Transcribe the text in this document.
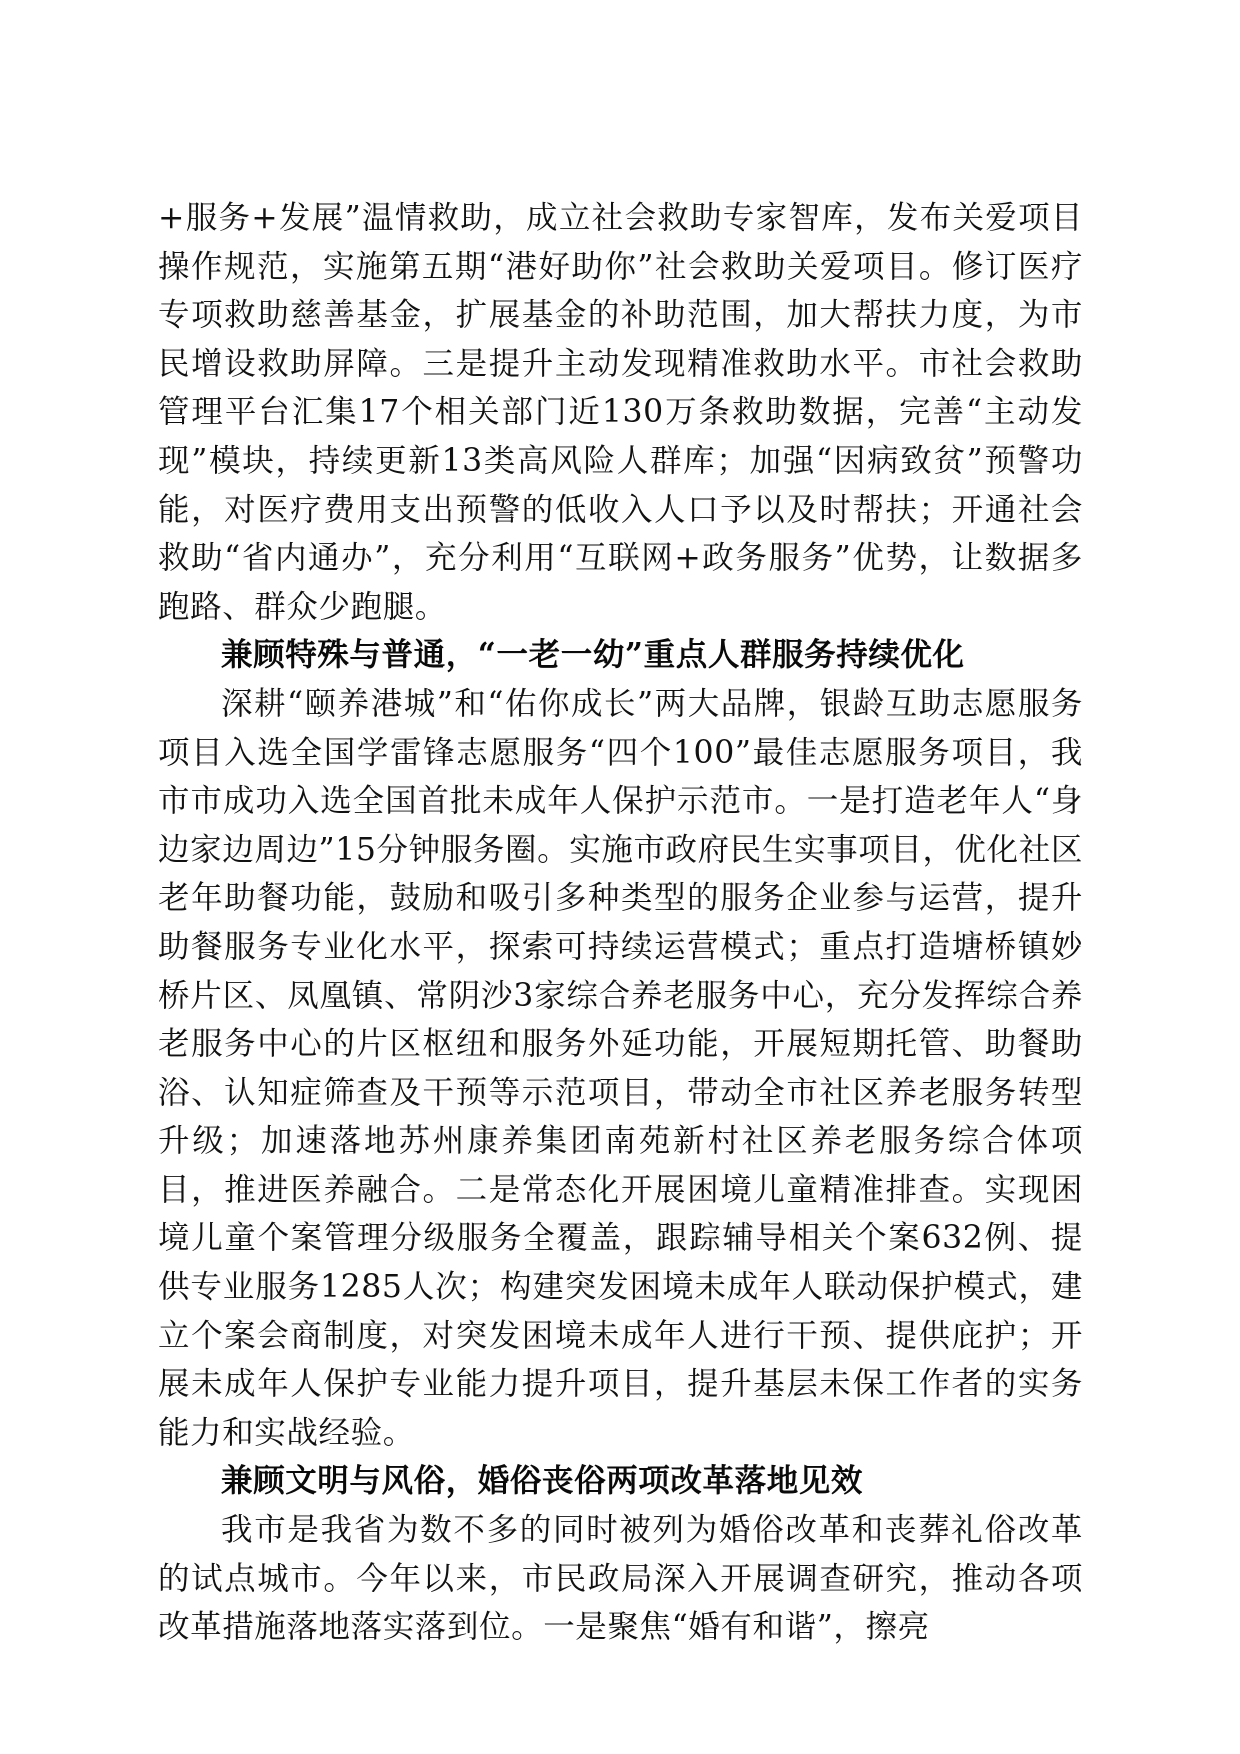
+服务+发展”温情救助，成立社会救助专家智库，发布关爱项目操作规范，实施第五期“港好助你”社会救助关爱项目。修订医疗专项救助慈善基金，扩展基金的补助范围，加大帮扶力度，为市民增设救助屏障。三是提升主动发现精准救助水平。市社会救助管理平台汇集17个相关部门近130万条救助数据，完善“主动发现”模块，持续更新13类高风险人群库；加强“因病致贫”预警功能，对医疗费用支出预警的低收入人口予以及时帮扶；开通社会救助“省内通办”，充分利用“互联网+政务服务”优势，让数据多跑路、群众少跑腿。

兼顾特殊与普通，“一老一幼”重点人群服务持续优化

深耕“颐养港城”和“佑你成长”两大品牌，银龄互助志愿服务项目入选全国学雷锋志愿服务“四个100”最佳志愿服务项目，我市市成功入选全国首批未成年人保护示范市。一是打造老年人“身边家边周边”15分钟服务圈。实施市政府民生实事项目，优化社区老年助餐功能，鼓励和吸引多种类型的服务企业参与运营，提升助餐服务专业化水平，探索可持续运营模式；重点打造塘桥镇妙桥片区、凤凰镇、常阴沙3家综合养老服务中心，充分发挥综合养老服务中心的片区枢纽和服务外延功能，开展短期托管、助餐助浴、认知症筛查及干预等示范项目，带动全市社区养老服务转型升级；加速落地苏州康养集团南苑新村社区养老服务综合体项目，推进医养融合。二是常态化开展困境儿童精准排查。实现困境儿童个案管理分级服务全覆盖，跟踪辅导相关个案632例、提供专业服务1285人次；构建突发困境未成年人联动保护模式，建立个案会商制度，对突发困境未成年人进行干预、提供庇护；开展未成年人保护专业能力提升项目，提升基层未保工作者的实务能力和实战经验。

兼顾文明与风俗，婚俗丧俗两项改革落地见效

我市是我省为数不多的同时被列为婚俗改革和丧葬礼俗改革的试点城市。今年以来，市民政局深入开展调查研究，推动各项改革措施落地落实落到位。一是聚焦“婚有和谐”，擦亮
